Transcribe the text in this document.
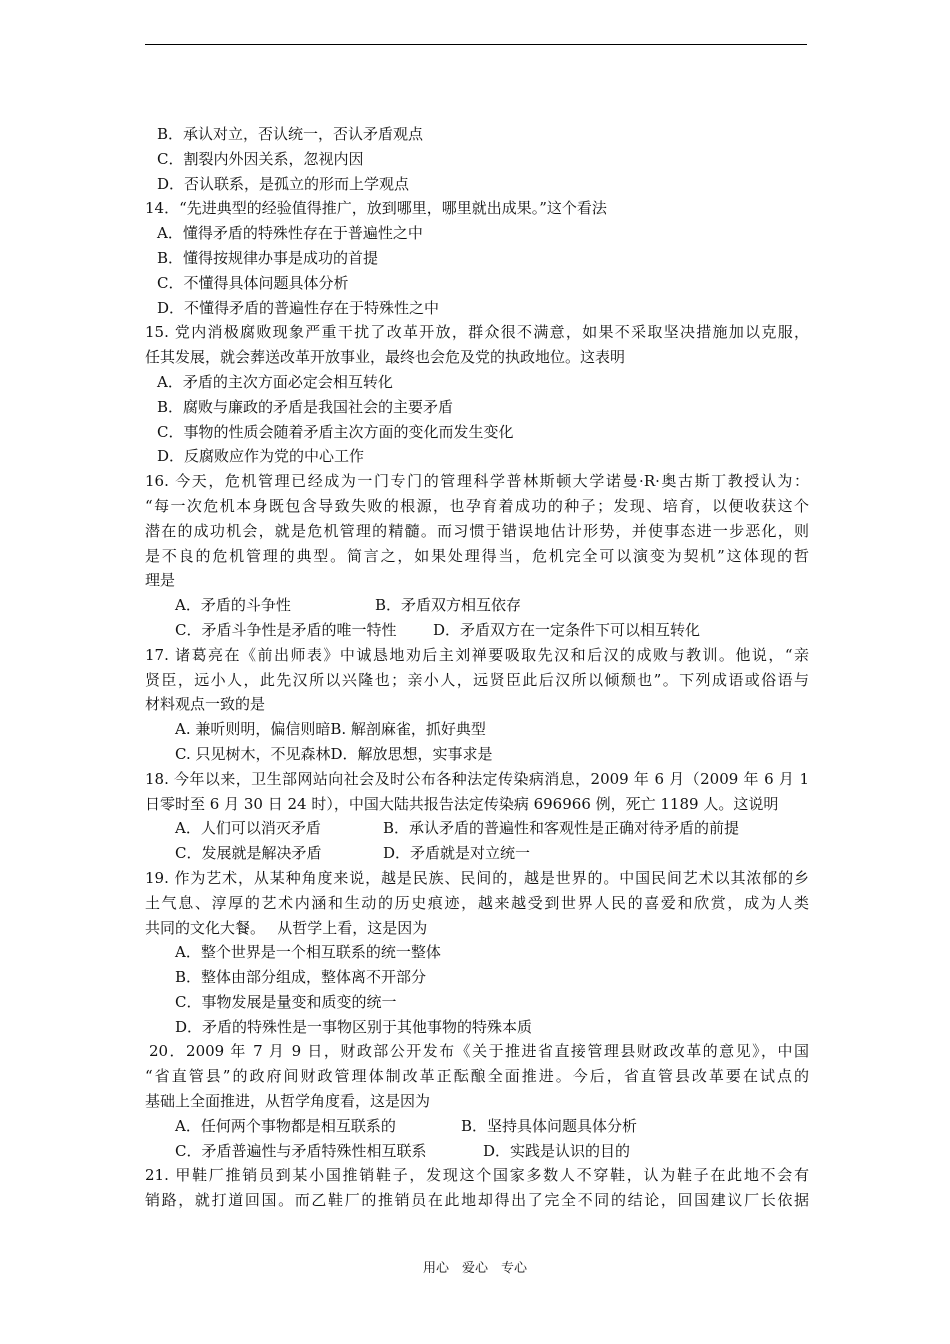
B．承认对立，否认统一，否认矛盾观点
C．割裂内外因关系，忽视内因
D．否认联系，是孤立的形而上学观点
14．“先进典型的经验值得推广，放到哪里，哪里就出成果。”这个看法
A．懂得矛盾的特殊性存在于普遍性之中
B．懂得按规律办事是成功的首提
C．不懂得具体问题具体分析
D．不懂得矛盾的普遍性存在于特殊性之中
15. 党内消极腐败现象严重干扰了改革开放，群众很不满意，如果不采取坚决措施加以克服，
任其发展，就会葬送改革开放事业，最终也会危及党的执政地位。这表明
A．矛盾的主次方面必定会相互转化
B．腐败与廉政的矛盾是我国社会的主要矛盾
C．事物的性质会随着矛盾主次方面的变化而发生变化
D．反腐败应作为党的中心工作
16. 今天，危机管理已经成为一门专门的管理科学普林斯顿大学诺曼·R·奥古斯丁教授认为：
“每一次危机本身既包含导致失败的根源，也孕育着成功的种子；发现、培育，以便收获这个
潜在的成功机会，就是危机管理的精髓。而习惯于错误地估计形势，并使事态进一步恶化，则
是不良的危机管理的典型。简言之，如果处理得当，危机完全可以演变为契机”这体现的哲
理是
A．矛盾的斗争性	B．矛盾双方相互依存
C．矛盾斗争性是矛盾的唯一特性 D．矛盾双方在一定条件下可以相互转化
17. 诸葛亮在《前出师表》中诚恳地劝后主刘禅要吸取先汉和后汉的成败与教训。他说，“亲
贤臣，远小人，此先汉所以兴隆也；亲小人，远贤臣此后汉所以倾颓也”。下列成语或俗语与
材料观点一致的是
A. 兼听则明，偏信则暗B. 解剖麻雀，抓好典型
C. 只见树木，不见森林D．解放思想，实事求是
18. 今年以来，卫生部网站向社会及时公布各种法定传染病消息，2009 年 6 月（2009 年 6 月 1
日零时至 6 月 30 日 24 时），中国大陆共报告法定传染病 696966 例，死亡 1189 人。这说明
A．人们可以消灭矛盾	B．承认矛盾的普遍性和客观性是正确对待矛盾的前提
C．发展就是解决矛盾	D．矛盾就是对立统一
19. 作为艺术，从某种角度来说，越是民族、民间的，越是世界的。中国民间艺术以其浓郁的乡
土气息、淳厚的艺术内涵和生动的历史痕迹，越来越受到世界人民的喜爱和欣赏，成为人类
共同的文化大餐。　 从哲学上看，这是因为
A．整个世界是一个相互联系的统一整体
B．整体由部分组成，整体离不开部分
C．事物发展是量变和质变的统一
D．矛盾的特殊性是一事物区别于其他事物的特殊本质
20．2009 年 7 月 9 日，财政部公开发布《关于推进省直接管理县财政改革的意见》，中国
“省直管县”的政府间财政管理体制改革正酝酿全面推进。今后，省直管县改革要在试点的
基础上全面推进，从哲学角度看，这是因为
A．任何两个事物都是相互联系的	B．坚持具体问题具体分析
C．矛盾普遍性与矛盾特殊性相互联系	D．实践是认识的目的
21. 甲鞋厂推销员到某小国推销鞋子，发现这个国家多数人不穿鞋，认为鞋子在此地不会有
销路，就打道回国。而乙鞋厂的推销员在此地却得出了完全不同的结论，回国建议厂长依据
用心　爱心　专心
